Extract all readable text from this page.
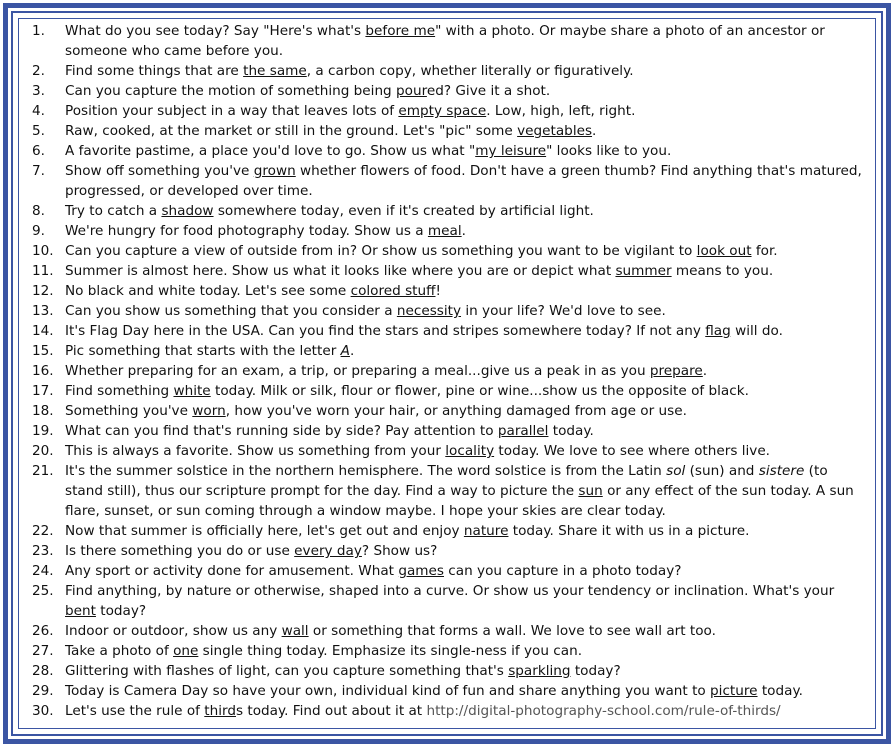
1. What do you see today? Say "Here's what's before me" with a photo. Or maybe share a photo of an ancestor or someone who came before you.
2. Find some things that are the same, a carbon copy, whether literally or figuratively.
3. Can you capture the motion of something being poured? Give it a shot.
4. Position your subject in a way that leaves lots of empty space. Low, high, left, right.
5. Raw, cooked, at the market or still in the ground. Let's "pic" some vegetables.
6. A favorite pastime, a place you'd love to go. Show us what "my leisure" looks like to you.
7. Show off something you've grown whether flowers of food. Don't have a green thumb? Find anything that's matured, progressed, or developed over time.
8. Try to catch a shadow somewhere today, even if it's created by artificial light.
9. We're hungry for food photography today. Show us a meal.
10. Can you capture a view of outside from in? Or show us something you want to be vigilant to look out for.
11. Summer is almost here. Show us what it looks like where you are or depict what summer means to you.
12. No black and white today. Let's see some colored stuff!
13. Can you show us something that you consider a necessity in your life? We'd love to see.
14. It's Flag Day here in the USA. Can you find the stars and stripes somewhere today? If not any flag will do.
15. Pic something that starts with the letter A.
16. Whether preparing for an exam, a trip, or preparing a meal...give us a peak in as you prepare.
17. Find something white today. Milk or silk, flour or flower, pine or wine...show us the opposite of black.
18. Something you've worn, how you've worn your hair, or anything damaged from age or use.
19. What can you find that's running side by side? Pay attention to parallel today.
20. This is always a favorite. Show us something from your locality today. We love to see where others live.
21. It's the summer solstice in the northern hemisphere. The word solstice is from the Latin sol (sun) and sistere (to stand still), thus our scripture prompt for the day. Find a way to picture the sun or any effect of the sun today. A sun flare, sunset, or sun coming through a window maybe. I hope your skies are clear today.
22. Now that summer is officially here, let's get out and enjoy nature today. Share it with us in a picture.
23. Is there something you do or use every day? Show us?
24. Any sport or activity done for amusement. What games can you capture in a photo today?
25. Find anything, by nature or otherwise, shaped into a curve. Or show us your tendency or inclination. What's your bent today?
26. Indoor or outdoor, show us any wall or something that forms a wall. We love to see wall art too.
27. Take a photo of one single thing today. Emphasize its single-ness if you can.
28. Glittering with flashes of light, can you capture something that's sparkling today?
29. Today is Camera Day so have your own, individual kind of fun and share anything you want to picture today.
30. Let's use the rule of thirds today. Find out about it at http://digital-photography-school.com/rule-of-thirds/
